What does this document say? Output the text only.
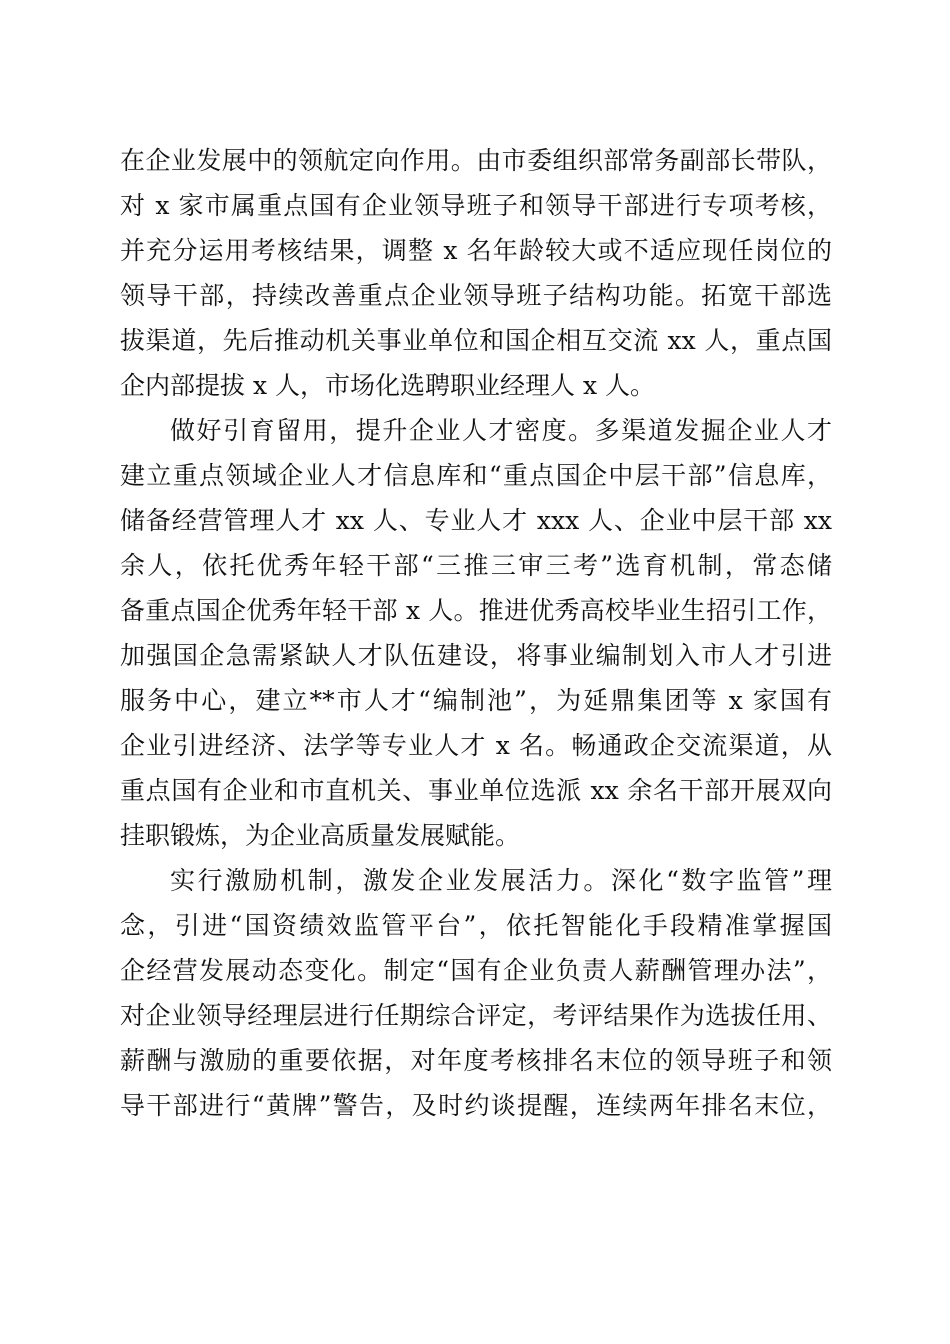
在企业发展中的领航定向作用。由市委组织部常务副部长带队，
对 x 家市属重点国有企业领导班子和领导干部进行专项考核，
并充分运用考核结果，调整 x 名年龄较大或不适应现任岗位的
领导干部，持续改善重点企业领导班子结构功能。拓宽干部选
拔渠道，先后推动机关事业单位和国企相互交流 xx 人，重点国
企内部提拔 x 人，市场化选聘职业经理人 x 人。
做好引育留用，提升企业人才密度。多渠道发掘企业人才
建立重点领域企业人才信息库和“重点国企中层干部”信息库，
储备经营管理人才 xx 人、专业人才 xxx 人、企业中层干部 xx
余人，依托优秀年轻干部“三推三审三考”选育机制，常态储
备重点国企优秀年轻干部 x 人。推进优秀高校毕业生招引工作，
加强国企急需紧缺人才队伍建设，将事业编制划入市人才引进
服务中心，建立**市人才“编制池”，为延鼎集团等 x 家国有
企业引进经济、法学等专业人才 x 名。畅通政企交流渠道，从
重点国有企业和市直机关、事业单位选派 xx 余名干部开展双向
挂职锻炼，为企业高质量发展赋能。
实行激励机制，激发企业发展活力。深化“数字监管”理
念，引进“国资绩效监管平台”，依托智能化手段精准掌握国
企经营发展动态变化。制定“国有企业负责人薪酬管理办法”，
对企业领导经理层进行任期综合评定，考评结果作为选拔任用、
薪酬与激励的重要依据，对年度考核排名末位的领导班子和领
导干部进行“黄牌”警告，及时约谈提醒，连续两年排名末位，
